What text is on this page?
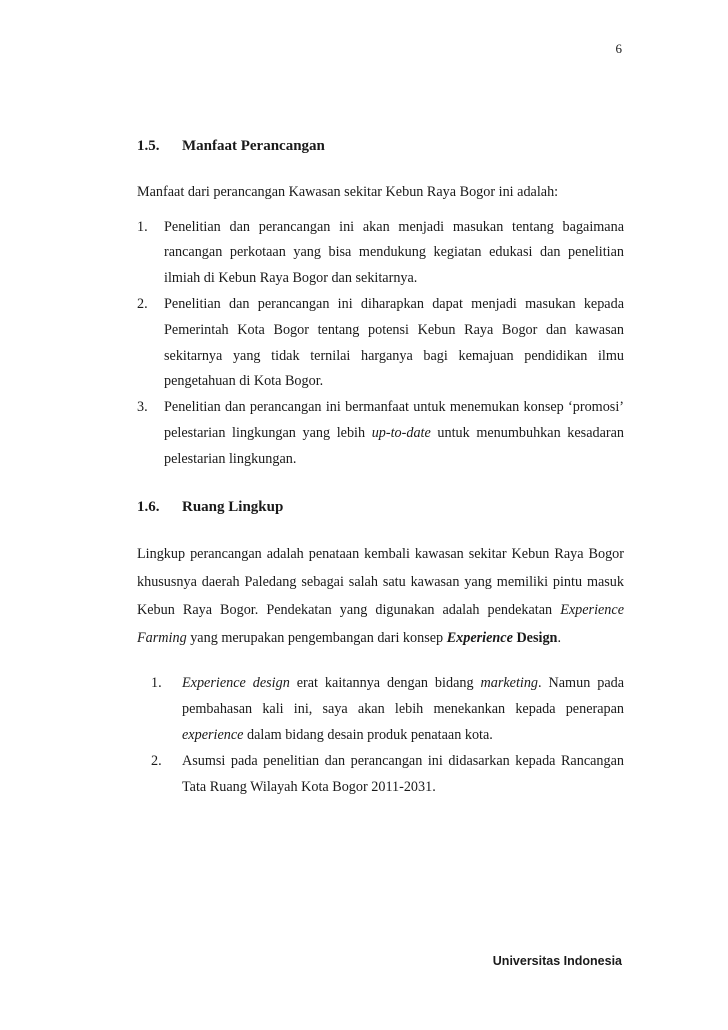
6
1.5.	Manfaat Perancangan

Manfaat dari perancangan Kawasan sekitar Kebun Raya Bogor ini adalah:

1. Penelitian dan perancangan ini akan menjadi masukan tentang bagaimana rancangan perkotaan yang bisa mendukung kegiatan edukasi dan penelitian ilmiah di Kebun Raya Bogor dan sekitarnya.
2. Penelitian dan perancangan ini diharapkan dapat menjadi masukan kepada Pemerintah Kota Bogor tentang potensi Kebun Raya Bogor dan kawasan sekitarnya yang tidak ternilai harganya bagi kemajuan pendidikan ilmu pengetahuan di Kota Bogor.
3. Penelitian dan perancangan ini bermanfaat untuk menemukan konsep ‘promosi’ pelestarian lingkungan yang lebih up-to-date untuk menumbuhkan kesadaran pelestarian lingkungan.
1.6.	Ruang Lingkup

Lingkup perancangan adalah penataan kembali kawasan sekitar Kebun Raya Bogor khususnya daerah Paledang sebagai salah satu kawasan yang memiliki pintu masuk Kebun Raya Bogor. Pendekatan yang digunakan adalah pendekatan Experience Farming yang merupakan pengembangan dari konsep Experience Design.

1. Experience design erat kaitannya dengan bidang marketing. Namun pada pembahasan kali ini, saya akan lebih menekankan kepada penerapan experience dalam bidang desain produk penataan kota.
2. Asumsi pada penelitian dan perancangan ini didasarkan kepada Rancangan Tata Ruang Wilayah Kota Bogor 2011-2031.
Universitas Indonesia
